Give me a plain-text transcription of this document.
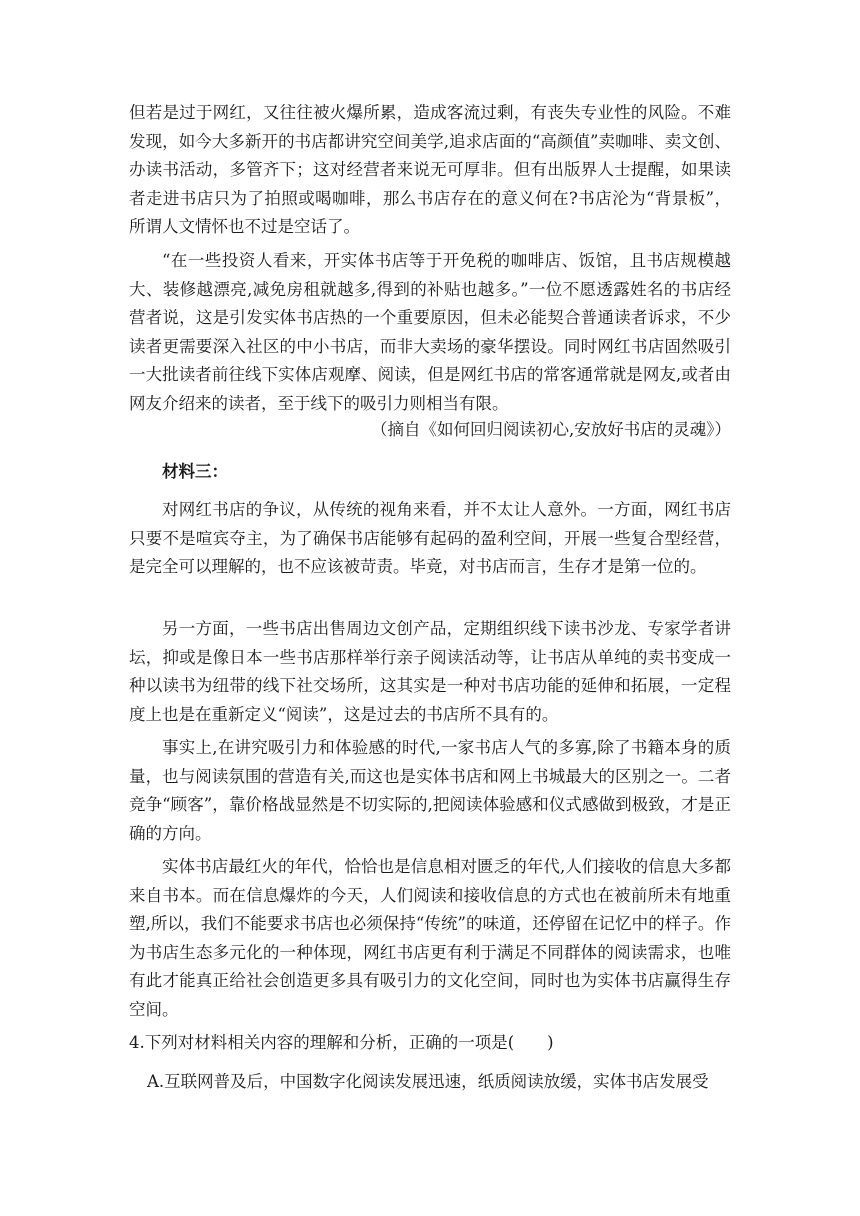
但若是过于网红，又往往被火爆所累，造成客流过剩，有丧失专业性的风险。不难发现，如今大多新开的书店都讲究空间美学,追求店面的“高颜值”卖咖啡、卖文创、办读书活动，多管齐下；这对经营者来说无可厚非。但有出版界人士提醒，如果读者走进书店只为了拍照或喝咖啡，那么书店存在的意义何在?书店沦为“背景板”，所谓人文情怀也不过是空话了。

“在一些投资人看来，开实体书店等于开免税的咖啡店、饭馆，且书店规模越大、装修越漂亮,减免房租就越多,得到的补贴也越多。”一位不愿透露姓名的书店经营者说，这是引发实体书店热的一个重要原因，但未必能契合普通读者诉求，不少读者更需要深入社区的中小书店，而非大卖场的豪华摆设。同时网红书店固然吸引一大批读者前往线下实体店观摩、阅读，但是网红书店的常客通常就是网友,或者由网友介绍来的读者，至于线下的吸引力则相当有限。

（摘自《如何回归阅读初心,安放好书店的灵魂》）

材料三：

对网红书店的争议，从传统的视角来看，并不太让人意外。一方面，网红书店只要不是喧宾夺主，为了确保书店能够有起码的盈利空间，开展一些复合型经营，是完全可以理解的，也不应该被苛责。毕竟，对书店而言，生存才是第一位的。

另一方面，一些书店出售周边文创产品，定期组织线下读书沙龙、专家学者讲坛，抑或是像日本一些书店那样举行亲子阅读活动等，让书店从单纯的卖书变成一种以读书为纽带的线下社交场所，这其实是一种对书店功能的延伸和拓展，一定程度上也是在重新定义“阅读”，这是过去的书店所不具有的。

事实上,在讲究吸引力和体验感的时代,一家书店人气的多寡,除了书籍本身的质量，也与阅读氛围的营造有关,而这也是实体书店和网上书城最大的区别之一。二者竞争“顾客”，靠价格战显然是不切实际的,把阅读体验感和仪式感做到极致，才是正确的方向。

实体书店最红火的年代，恰恰也是信息相对匮乏的年代,人们接收的信息大多都来自书本。而在信息爆炸的今天，人们阅读和接收信息的方式也在被前所未有地重塑,所以，我们不能要求书店也必须保持“传统”的味道，还停留在记忆中的样子。作为书店生态多元化的一种体现，网红书店更有利于满足不同群体的阅读需求，也唯有此才能真正给社会创造更多具有吸引力的文化空间，同时也为实体书店赢得生存空间。

4.下列对材料相关内容的理解和分析，正确的一项是(　　)

A.互联网普及后，中国数字化阅读发展迅速，纸质阅读放缓，实体书店发展受
